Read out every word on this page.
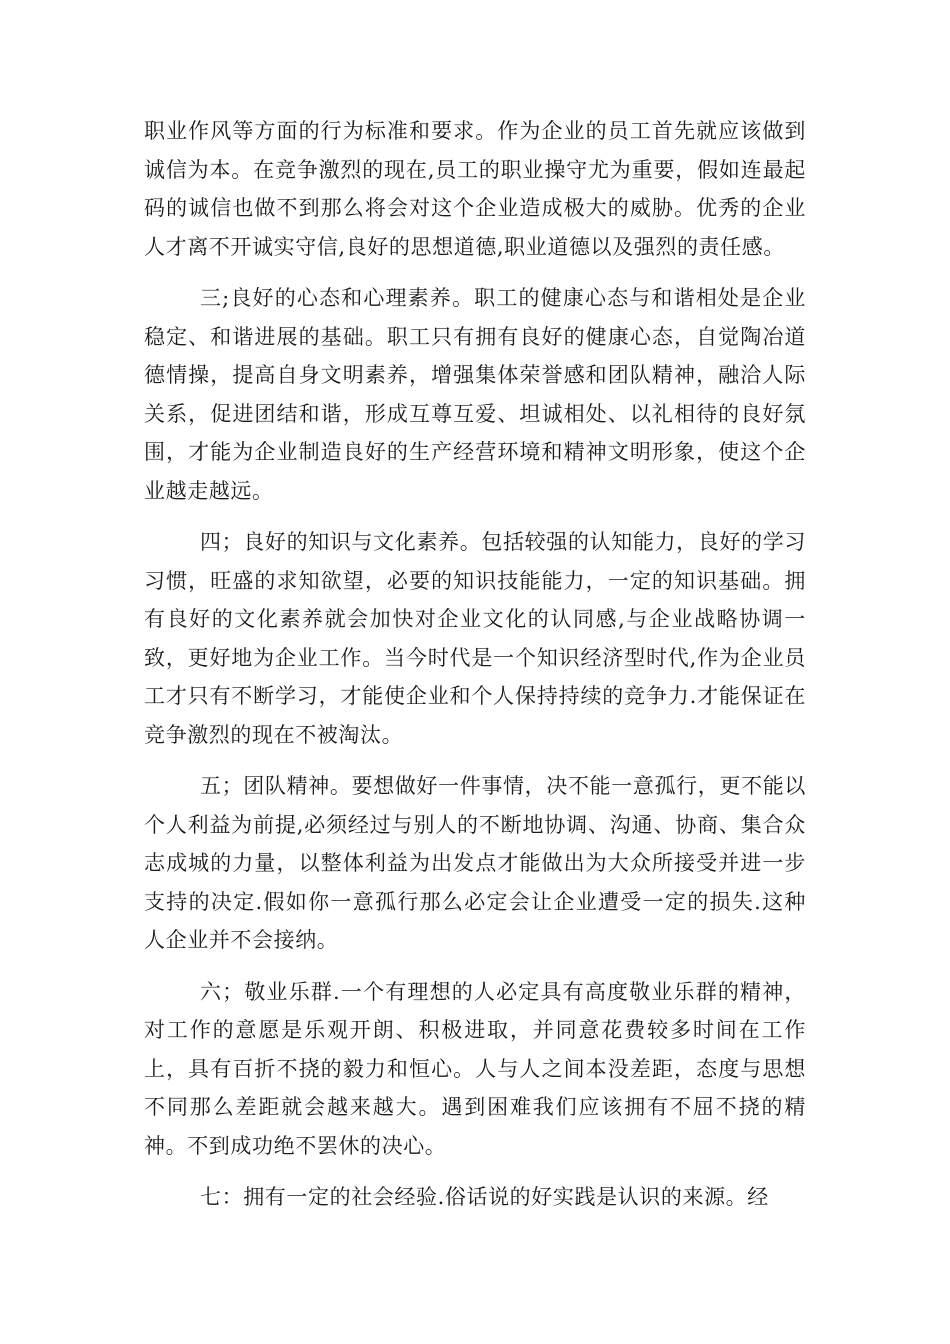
职业作风等方面的行为标准和要求。作为企业的员工首先就应该做到诚信为本。在竞争激烈的现在,员工的职业操守尤为重要，假如连最起码的诚信也做不到那么将会对这个企业造成极大的威胁。优秀的企业人才离不开诚实守信,良好的思想道德,职业道德以及强烈的责任感。

三;良好的心态和心理素养。职工的健康心态与和谐相处是企业稳定、和谐进展的基础。职工只有拥有良好的健康心态，自觉陶冶道德情操，提高自身文明素养，增强集体荣誉感和团队精神，融洽人际关系，促进团结和谐，形成互尊互爱、坦诚相处、以礼相待的良好氛围，才能为企业制造良好的生产经营环境和精神文明形象，使这个企业越走越远。

四；良好的知识与文化素养。包括较强的认知能力，良好的学习习惯，旺盛的求知欲望，必要的知识技能能力，一定的知识基础。拥有良好的文化素养就会加快对企业文化的认同感,与企业战略协调一致，更好地为企业工作。当今时代是一个知识经济型时代,作为企业员工才只有不断学习，才能使企业和个人保持持续的竞争力.才能保证在竞争激烈的现在不被淘汰。

五；团队精神。要想做好一件事情，决不能一意孤行，更不能以个人利益为前提,必须经过与别人的不断地协调、沟通、协商、集合众志成城的力量，以整体利益为出发点才能做出为大众所接受并进一步支持的决定.假如你一意孤行那么必定会让企业遭受一定的损失.这种人企业并不会接纳。

六；敬业乐群.一个有理想的人必定具有高度敬业乐群的精神，对工作的意愿是乐观开朗、积极进取，并同意花费较多时间在工作上，具有百折不挠的毅力和恒心。人与人之间本没差距，态度与思想不同那么差距就会越来越大。遇到困难我们应该拥有不屈不挠的精神。不到成功绝不罢休的决心。

七：拥有一定的社会经验.俗话说的好实践是认识的来源。经
